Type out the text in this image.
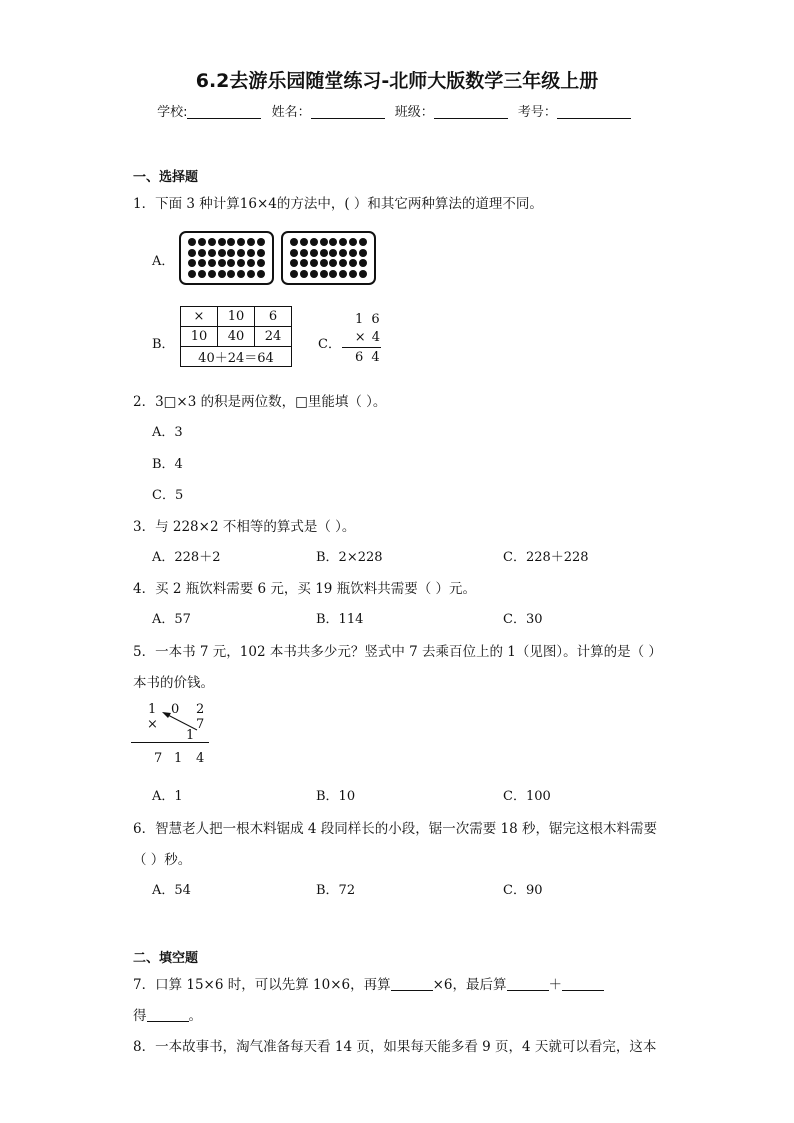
6.2去游乐园随堂练习-北师大版数学三年级上册
学校:	姓名：	班级：	考号：
一、选择题
1．下面 3 种计算16×4的方法中，( ）和其它两种算法的道理不同。
A．
B．
×	10	6
10	40	24
40＋24＝64		
C．
1 6
× 4
6 4
2．3□×3 的积是两位数，□里能填（ ）。
A．3
B．4
C．5
3．与 228×2 不相等的算式是（ ）。
A．228＋2	B．2×228	C．228＋228
4．买 2 瓶饮料需要 6 元，买 19 瓶饮料共需要（ ）元。
A．57	B．114	C．30
5．一本书 7 元，102 本书共多少元？竖式中 7 去乘百位上的 1（见图）。计算的是（ ）
本书的价钱。
1 0 2
×	7
1
7 1 4
A．1	B．10	C．100
6．智慧老人把一根木料锯成 4 段同样长的小段，锯一次需要 18 秒，锯完这根木料需要
（ ）秒。
A．54	B．72	C．90
二、填空题
7．口算 15×6 时，可以先算 10×6，再算	×6，最后算	＋
得	。
8．一本故事书，淘气准备每天看 14 页，如果每天能多看 9 页，4 天就可以看完，这本
